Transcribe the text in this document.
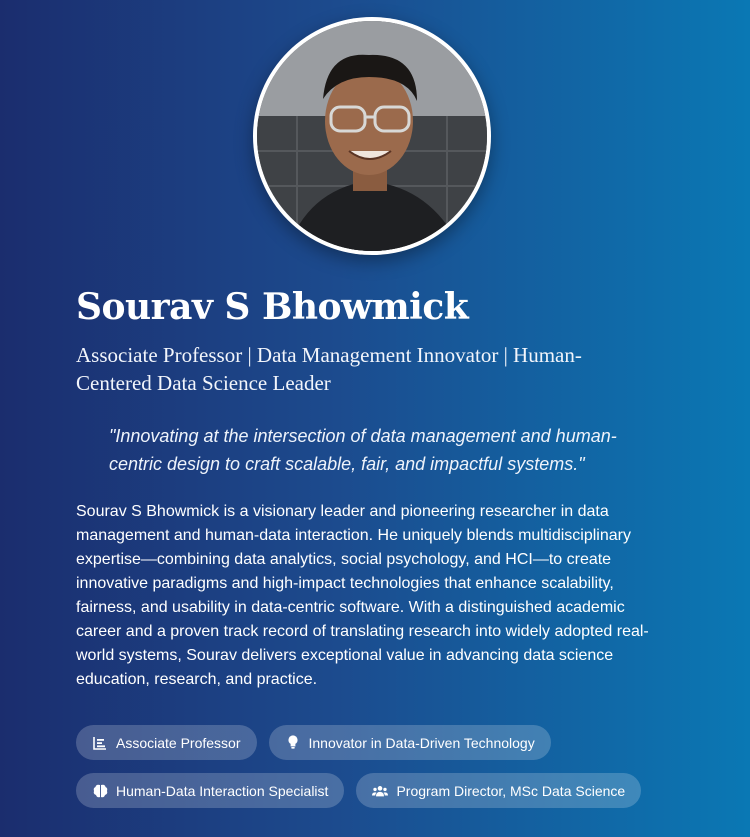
Sourav S Bhowmick

Associate Professor | Data Management Innovator | Human-Centered Data Science Leader

"Innovating at the intersection of data management and human-centric design to craft scalable, fair, and impactful systems."

Sourav S Bhowmick is a visionary leader and pioneering researcher in data management and human-data interaction. He uniquely blends multidisciplinary expertise—combining data analytics, social psychology, and HCI—to create innovative paradigms and high-impact technologies that enhance scalability, fairness, and usability in data-centric software. With a distinguished academic career and a proven track record of translating research into widely adopted real-world systems, Sourav delivers exceptional value in advancing data science education, research, and practice.

Associate Professor	Innovator in Data-Driven Technology
Human-Data Interaction Specialist	Program Director, MSc Data Science
